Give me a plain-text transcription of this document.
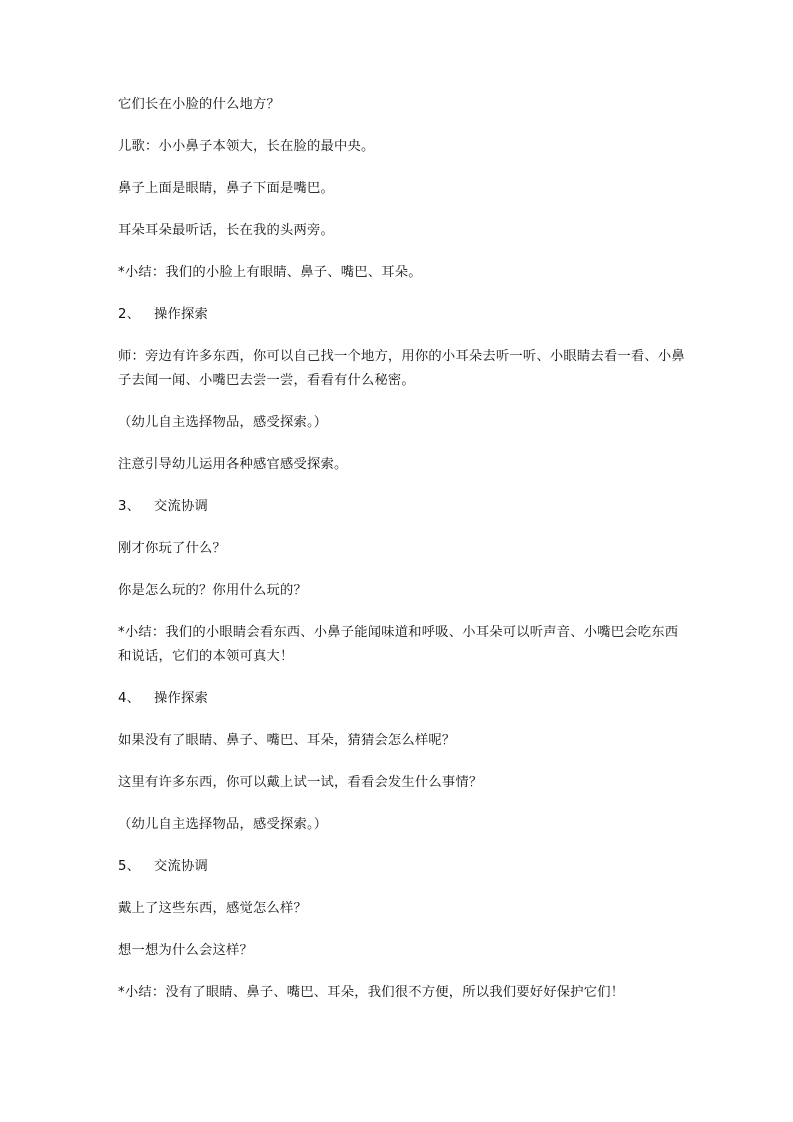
它们长在小脸的什么地方？

儿歌：小小鼻子本领大，长在脸的最中央。

鼻子上面是眼睛，鼻子下面是嘴巴。

耳朵耳朵最听话，长在我的头两旁。

*小结：我们的小脸上有眼睛、鼻子、嘴巴、耳朵。

2、	操作探索

师：旁边有许多东西，你可以自己找一个地方，用你的小耳朵去听一听、小眼睛去看一看、小鼻子去闻一闻、小嘴巴去尝一尝，看看有什么秘密。

（幼儿自主选择物品，感受探索。）

注意引导幼儿运用各种感官感受探索。

3、	交流协调

刚才你玩了什么？

你是怎么玩的？你用什么玩的？

*小结：我们的小眼睛会看东西、小鼻子能闻味道和呼吸、小耳朵可以听声音、小嘴巴会吃东西和说话，它们的本领可真大！

4、	操作探索

如果没有了眼睛、鼻子、嘴巴、耳朵，猜猜会怎么样呢？

这里有许多东西，你可以戴上试一试，看看会发生什么事情？

（幼儿自主选择物品，感受探索。）

5、	交流协调

戴上了这些东西，感觉怎么样？

想一想为什么会这样？

*小结：没有了眼睛、鼻子、嘴巴、耳朵，我们很不方便，所以我们要好好保护它们！
